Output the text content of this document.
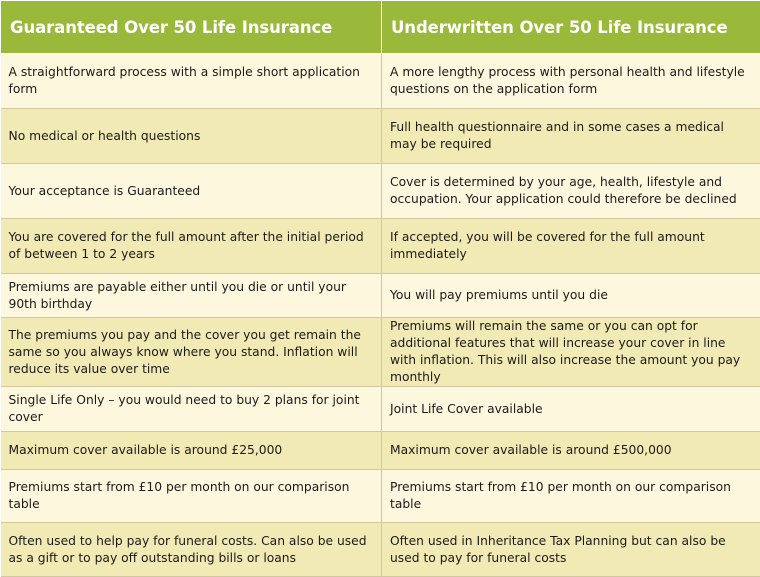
Guaranteed Over 50 Life Insurance	Underwritten Over 50 Life Insurance
A straightforward process with a simple short application form	A more lengthy process with personal health and lifestyle questions on the application form
No medical or health questions	Full health questionnaire and in some cases a medical may be required
Your acceptance is Guaranteed	Cover is determined by your age, health, lifestyle and occupation. Your application could therefore be declined
You are covered for the full amount after the initial period of between 1 to 2 years	If accepted, you will be covered for the full amount immediately
Premiums are payable either until you die or until your 90th birthday	You will pay premiums until you die
The premiums you pay and the cover you get remain the same so you always know where you stand. Inflation will reduce its value over time	Premiums will remain the same or you can opt for additional features that will increase your cover in line with inflation. This will also increase the amount you pay monthly
Single Life Only – you would need to buy 2 plans for joint cover	Joint Life Cover available
Maximum cover available is around £25,000	Maximum cover available is around £500,000
Premiums start from £10 per month on our comparison table	Premiums start from £10 per month on our comparison table
Often used to help pay for funeral costs. Can also be used as a gift or to pay off outstanding bills or loans	Often used in Inheritance Tax Planning but can also be used to pay for funeral costs
